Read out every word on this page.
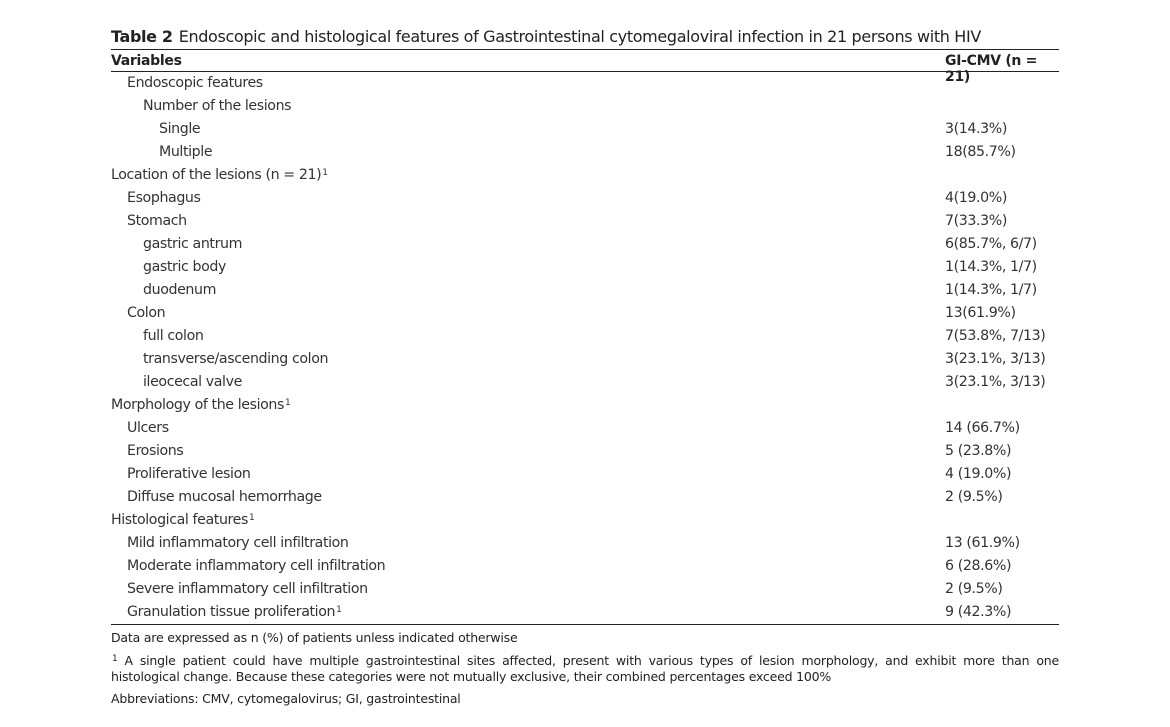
Table 2 Endoscopic and histological features of Gastrointestinal cytomegaloviral infection in 21 persons with HIV
Variables	GI-CMV (n = 21)
Endoscopic features
Number of the lesions
Single	3(14.3%)
Multiple	18(85.7%)
Location of the lesions (n = 21)$^1$
Esophagus	4(19.0%)
Stomach	7(33.3%)
gastric antrum	6(85.7%, 6/7)
gastric body	1(14.3%, 1/7)
duodenum	1(14.3%, 1/7)
Colon	13(61.9%)
full colon	7(53.8%, 7/13)
transverse/ascending colon	3(23.1%, 3/13)
ileocecal valve	3(23.1%, 3/13)
Morphology of the lesions$^1$
Ulcers	14 (66.7%)
Erosions	5 (23.8%)
Proliferative lesion	4 (19.0%)
Diffuse mucosal hemorrhage	2 (9.5%)
Histological features$^1$
Mild inflammatory cell infiltration	13 (61.9%)
Moderate inflammatory cell infiltration	6 (28.6%)
Severe inflammatory cell infiltration	2 (9.5%)
Granulation tissue proliferation$^1$	9 (42.3%)
Data are expressed as n (%) of patients unless indicated otherwise
$^1$ A single patient could have multiple gastrointestinal sites affected, present with various types of lesion morphology, and exhibit more than one histological change. Because these categories were not mutually exclusive, their combined percentages exceed 100%
Abbreviations: CMV, cytomegalovirus; GI, gastrointestinal
